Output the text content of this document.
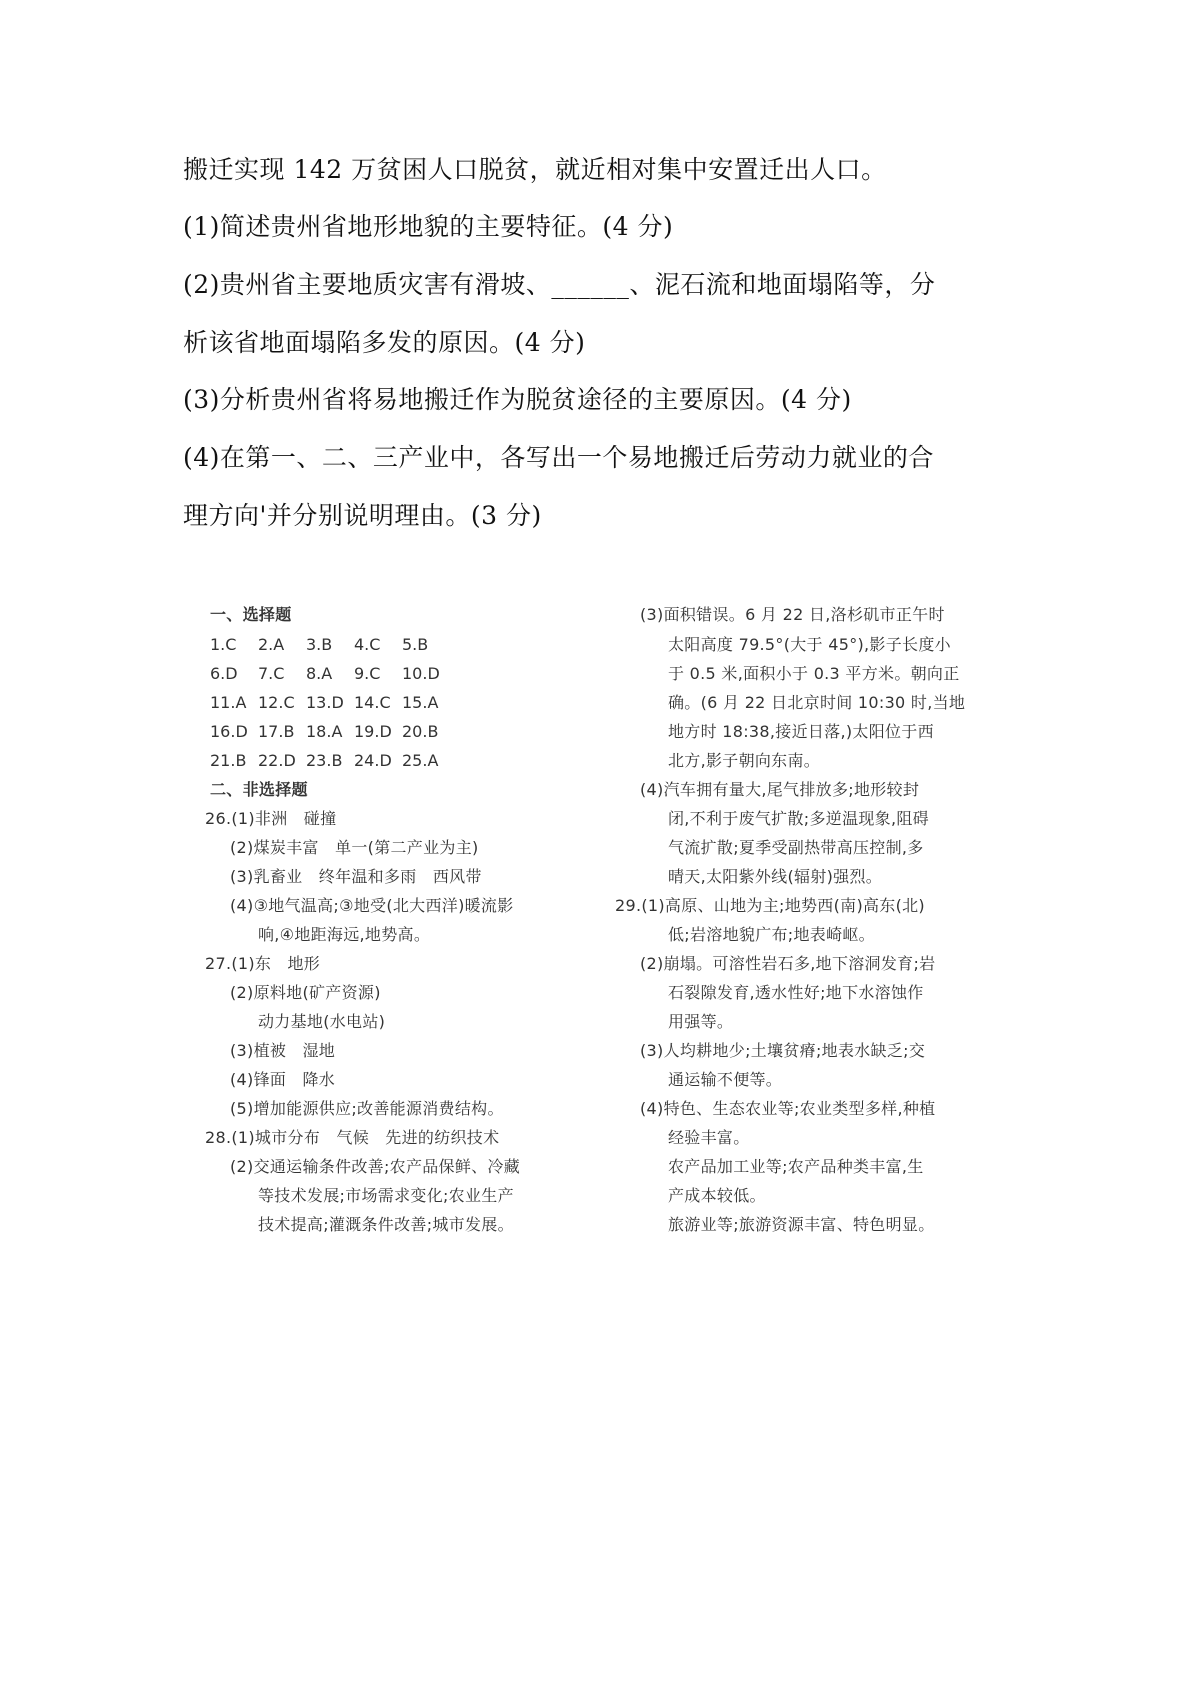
搬迁实现 142 万贫困人口脱贫，就近相对集中安置迁出人口。
(1)简述贵州省地形地貌的主要特征。(4 分)
(2)贵州省主要地质灾害有滑坡、______、泥石流和地面塌陷等，分
析该省地面塌陷多发的原因。(4 分)
(3)分析贵州省将易地搬迁作为脱贫途径的主要原因。(4 分)
(4)在第一、二、三产业中，各写出一个易地搬迁后劳动力就业的合
理方向'并分别说明理由。(3 分)
一、选择题
1.C 2.A 3.B 4.C 5.B
6.D 7.C 8.A 9.C 10.D
11.A 12.C 13.D 14.C 15.A
16.D 17.B 18.A 19.D 20.B
21.B 22.D 23.B 24.D 25.A
二、非选择题
26.(1)非洲　碰撞
(2)煤炭丰富　单一(第二产业为主)
(3)乳畜业　终年温和多雨　西风带
(4)③地气温高;③地受(北大西洋)暖流影
响,④地距海远,地势高。
27.(1)东　地形
(2)原料地(矿产资源)
动力基地(水电站)
(3)植被　湿地
(4)锋面　降水
(5)增加能源供应;改善能源消费结构。
28.(1)城市分布　气候　先进的纺织技术
(2)交通运输条件改善;农产品保鲜、冷藏
等技术发展;市场需求变化;农业生产
技术提高;灌溉条件改善;城市发展。
(3)面积错误。6 月 22 日,洛杉矶市正午时
太阳高度 79.5°(大于 45°),影子长度小
于 0.5 米,面积小于 0.3 平方米。朝向正
确。(6 月 22 日北京时间 10:30 时,当地
地方时 18:38,接近日落,)太阳位于西
北方,影子朝向东南。
(4)汽车拥有量大,尾气排放多;地形较封
闭,不利于废气扩散;多逆温现象,阻碍
气流扩散;夏季受副热带高压控制,多
晴天,太阳紫外线(辐射)强烈。
29.(1)高原、山地为主;地势西(南)高东(北)
低;岩溶地貌广布;地表崎岖。
(2)崩塌。可溶性岩石多,地下溶洞发育;岩
石裂隙发育,透水性好;地下水溶蚀作
用强等。
(3)人均耕地少;土壤贫瘠;地表水缺乏;交
通运输不便等。
(4)特色、生态农业等;农业类型多样,种植
经验丰富。
农产品加工业等;农产品种类丰富,生
产成本较低。
旅游业等;旅游资源丰富、特色明显。
